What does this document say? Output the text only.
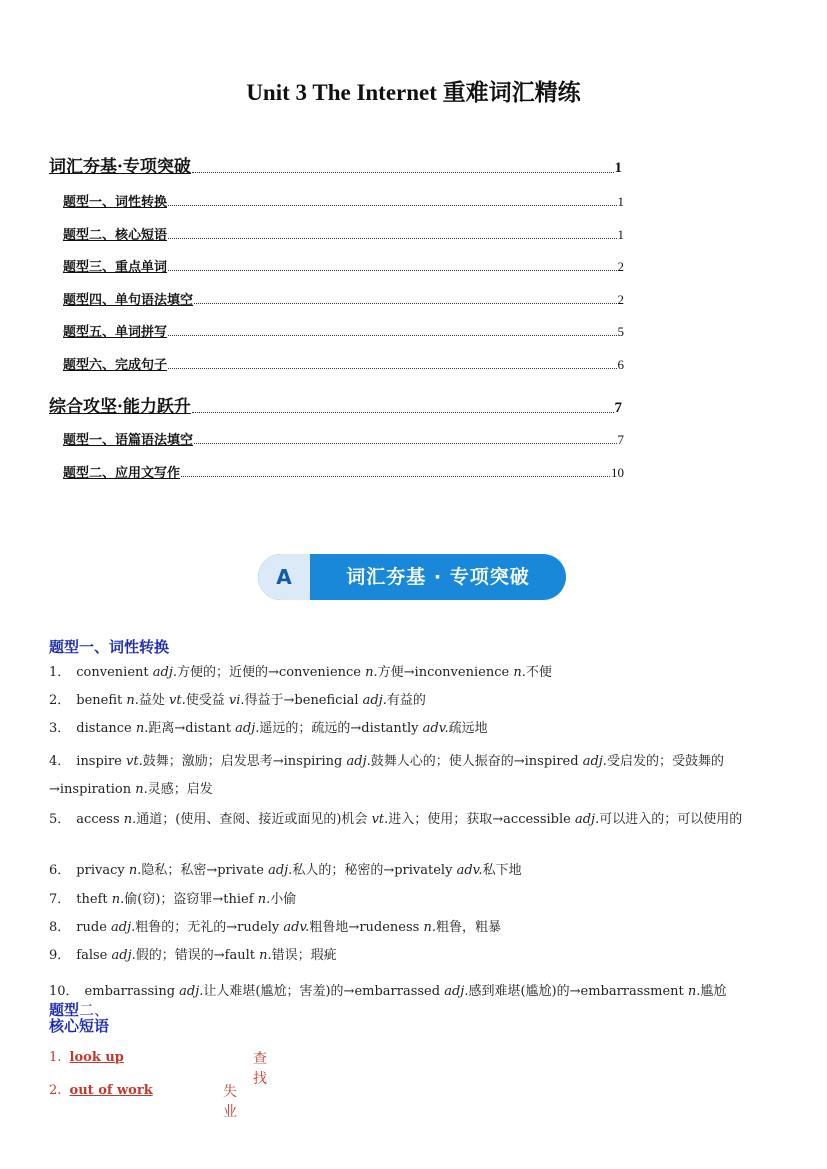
Unit 3 The Internet 重难词汇精练
词汇夯基·专项突破	1
题型一、词性转换	1
题型二、核心短语	1
题型三、重点单词	2
题型四、单句语法填空	2
题型五、单词拼写	5
题型六、完成句子	6
综合攻坚·能力跃升	7
题型一、语篇语法填空	7
题型二、应用文写作	10
A	词汇夯基 · 专项突破
题型一、词性转换
1． convenient adj.方便的；近便的→convenience n.方便→inconvenience n.不便
2． benefit n.益处 vt.使受益 vi.得益于→beneficial adj.有益的
3． distance n.距离→distant adj.遥远的；疏远的→distantly adv.疏远地
4． inspire vt.鼓舞；激励；启发思考→inspiring adj.鼓舞人心的；使人振奋的→inspired adj.受启发的；受鼓舞的→inspiration n.灵感；启发
5． access n.通道；(使用、查阅、接近或面见的)机会 vt.进入；使用；获取→accessible adj.可以进入的；可以使用的
6． privacy n.隐私；私密→private adj.私人的；秘密的→privately adv.私下地
7． theft n.偷(窃)；盗窃罪→thief n.小偷
8． rude adj.粗鲁的；无礼的→rudely adv.粗鲁地→rudeness n.粗鲁，粗暴
9． false adj.假的；错误的→fault n.错误；瑕疵
10． embarrassing adj.让人难堪(尴尬；害羞)的→embarrassed adj.感到难堪(尴尬)的→embarrassment n.尴尬题型二、
核心短语
1. look up	查找
2. out of work	失业
